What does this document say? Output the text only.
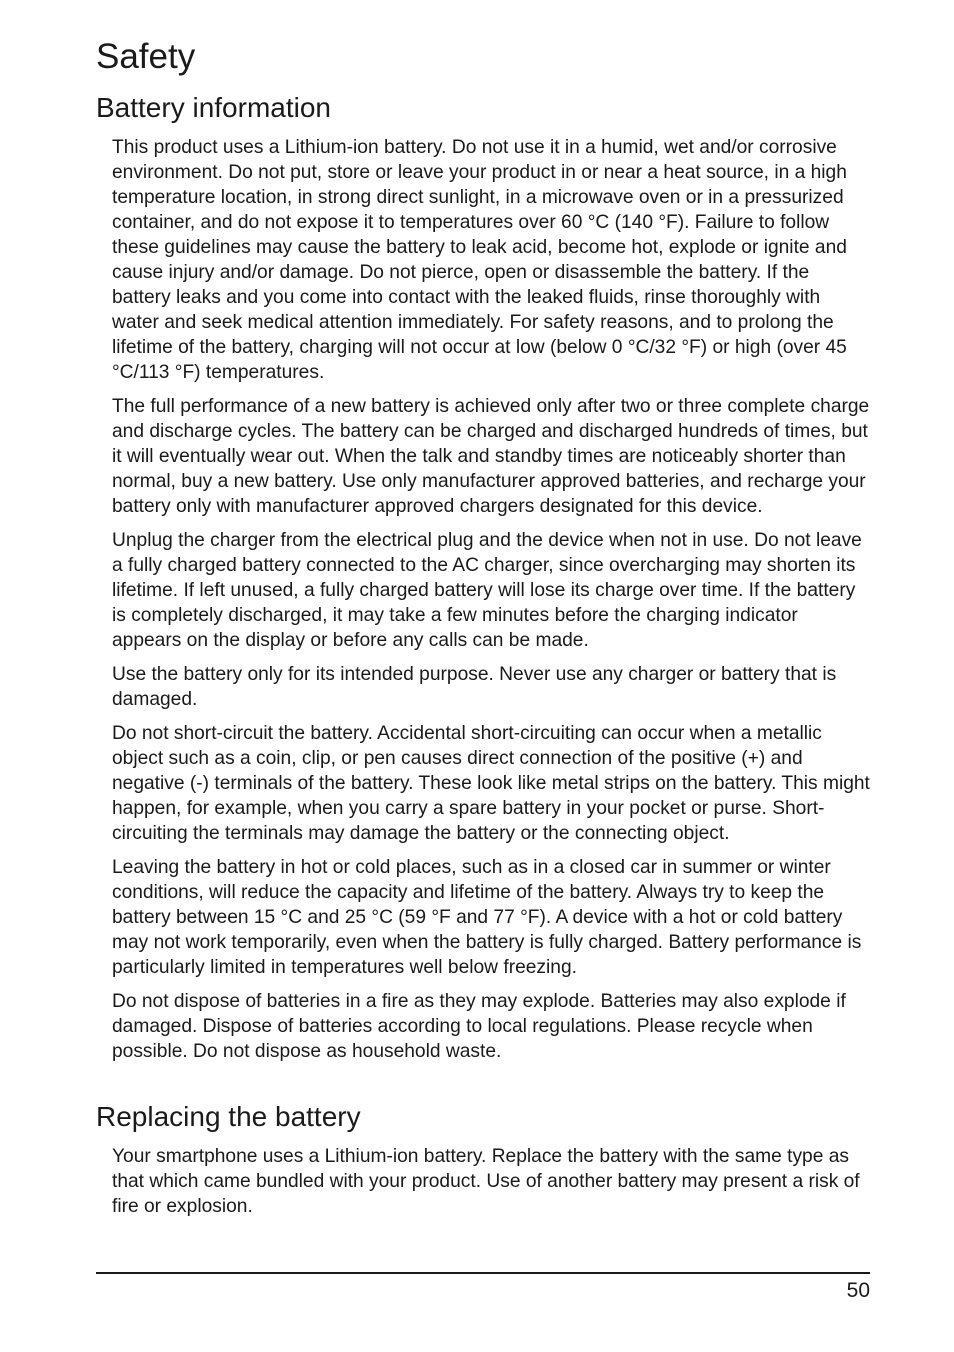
Safety
Battery information

This product uses a Lithium-ion battery. Do not use it in a humid, wet and/or corrosive environment. Do not put, store or leave your product in or near a heat source, in a high temperature location, in strong direct sunlight, in a microwave oven or in a pressurized container, and do not expose it to temperatures over 60 °C (140 °F). Failure to follow these guidelines may cause the battery to leak acid, become hot, explode or ignite and cause injury and/or damage. Do not pierce, open or disassemble the battery. If the battery leaks and you come into contact with the leaked fluids, rinse thoroughly with water and seek medical attention immediately. For safety reasons, and to prolong the lifetime of the battery, charging will not occur at low (below 0 °C/32 °F) or high (over 45 °C/113 °F) temperatures.

The full performance of a new battery is achieved only after two or three complete charge and discharge cycles. The battery can be charged and discharged hundreds of times, but it will eventually wear out. When the talk and standby times are noticeably shorter than normal, buy a new battery. Use only manufacturer approved batteries, and recharge your battery only with manufacturer approved chargers designated for this device.

Unplug the charger from the electrical plug and the device when not in use. Do not leave a fully charged battery connected to the AC charger, since overcharging may shorten its lifetime. If left unused, a fully charged battery will lose its charge over time. If the battery is completely discharged, it may take a few minutes before the charging indicator appears on the display or before any calls can be made.

Use the battery only for its intended purpose. Never use any charger or battery that is damaged.

Do not short-circuit the battery. Accidental short-circuiting can occur when a metallic object such as a coin, clip, or pen causes direct connection of the positive (+) and negative (-) terminals of the battery. These look like metal strips on the battery. This might happen, for example, when you carry a spare battery in your pocket or purse. Short-circuiting the terminals may damage the battery or the connecting object.

Leaving the battery in hot or cold places, such as in a closed car in summer or winter conditions, will reduce the capacity and lifetime of the battery. Always try to keep the battery between 15 °C and 25 °C (59 °F and 77 °F). A device with a hot or cold battery may not work temporarily, even when the battery is fully charged. Battery performance is particularly limited in temperatures well below freezing.

Do not dispose of batteries in a fire as they may explode. Batteries may also explode if damaged. Dispose of batteries according to local regulations. Please recycle when possible. Do not dispose as household waste.

Replacing the battery

Your smartphone uses a Lithium-ion battery. Replace the battery with the same type as that which came bundled with your product. Use of another battery may present a risk of fire or explosion.

50
